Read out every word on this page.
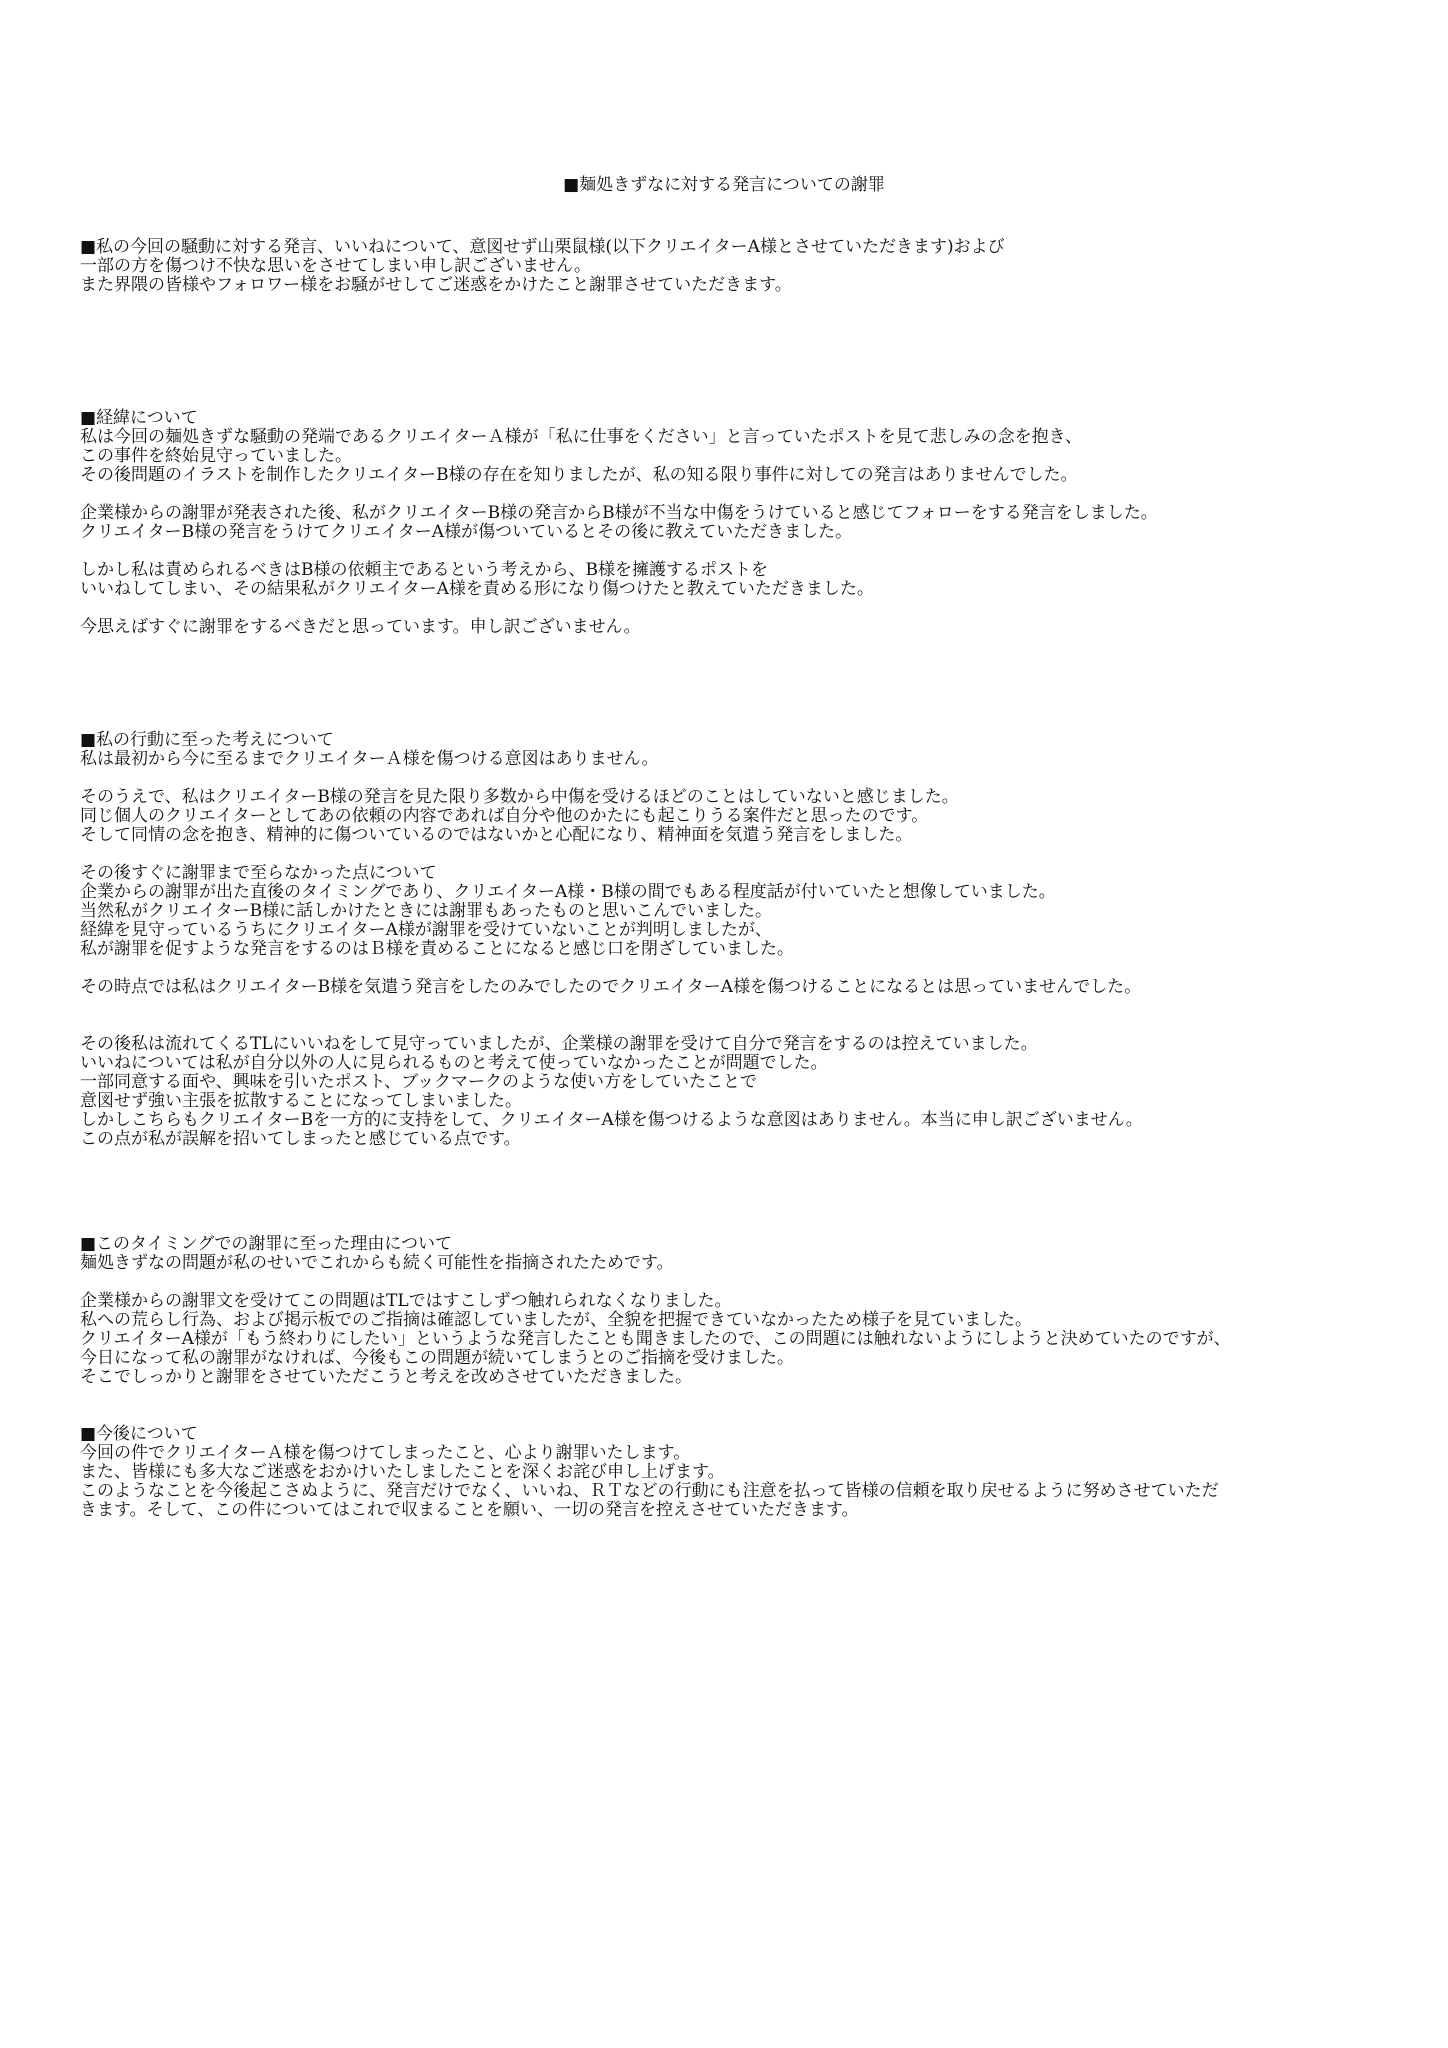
■麺処きずなに対する発言についての謝罪
■私の今回の騒動に対する発言、いいねについて、意図せず山栗鼠様(以下クリエイターA様とさせていただきます)および
一部の方を傷つけ不快な思いをさせてしまい申し訳ございません。
また界隈の皆様やフォロワー様をお騒がせしてご迷惑をかけたこと謝罪させていただきます。
■経緯について
私は今回の麺処きずな騒動の発端であるクリエイターＡ様が「私に仕事をください」と言っていたポストを見て悲しみの念を抱き、
この事件を終始見守っていました。
その後問題のイラストを制作したクリエイターB様の存在を知りましたが、私の知る限り事件に対しての発言はありませんでした。
企業様からの謝罪が発表された後、私がクリエイターB様の発言からB様が不当な中傷をうけていると感じてフォローをする発言をしました。
クリエイターB様の発言をうけてクリエイターA様が傷ついているとその後に教えていただきました。
しかし私は責められるべきはB様の依頼主であるという考えから、B様を擁護するポストを
いいねしてしまい、その結果私がクリエイターA様を責める形になり傷つけたと教えていただきました。
今思えばすぐに謝罪をするべきだと思っています。申し訳ございません。
■私の行動に至った考えについて
私は最初から今に至るまでクリエイターＡ様を傷つける意図はありません。
そのうえで、私はクリエイターB様の発言を見た限り多数から中傷を受けるほどのことはしていないと感じました。
同じ個人のクリエイターとしてあの依頼の内容であれば自分や他のかたにも起こりうる案件だと思ったのです。
そして同情の念を抱き、精神的に傷ついているのではないかと心配になり、精神面を気遣う発言をしました。
その後すぐに謝罪まで至らなかった点について
企業からの謝罪が出た直後のタイミングであり、クリエイターA様・B様の間でもある程度話が付いていたと想像していました。
当然私がクリエイターB様に話しかけたときには謝罪もあったものと思いこんでいました。
経緯を見守っているうちにクリエイターA様が謝罪を受けていないことが判明しましたが、
私が謝罪を促すような発言をするのはＢ様を責めることになると感じ口を閉ざしていました。
その時点では私はクリエイターB様を気遣う発言をしたのみでしたのでクリエイターA様を傷つけることになるとは思っていませんでした。
その後私は流れてくるTLにいいねをして見守っていましたが、企業様の謝罪を受けて自分で発言をするのは控えていました。
いいねについては私が自分以外の人に見られるものと考えて使っていなかったことが問題でした。
一部同意する面や、興味を引いたポスト、ブックマークのような使い方をしていたことで
意図せず強い主張を拡散することになってしまいました。
しかしこちらもクリエイターBを一方的に支持をして、クリエイターA様を傷つけるような意図はありません。本当に申し訳ございません。
この点が私が誤解を招いてしまったと感じている点です。
■このタイミングでの謝罪に至った理由について
麺処きずなの問題が私のせいでこれからも続く可能性を指摘されたためです。
企業様からの謝罪文を受けてこの問題はTLではすこしずつ触れられなくなりました。
私への荒らし行為、および掲示板でのご指摘は確認していましたが、全貌を把握できていなかったため様子を見ていました。
クリエイターA様が「もう終わりにしたい」というような発言したことも聞きましたので、この問題には触れないようにしようと決めていたのですが、
今日になって私の謝罪がなければ、今後もこの問題が続いてしまうとのご指摘を受けました。
そこでしっかりと謝罪をさせていただこうと考えを改めさせていただきました。
■今後について
今回の件でクリエイターＡ様を傷つけてしまったこと、心より謝罪いたします。
また、皆様にも多大なご迷惑をおかけいたしましたことを深くお詫び申し上げます。
このようなことを今後起こさぬように、発言だけでなく、いいね、ＲＴなどの行動にも注意を払って皆様の信頼を取り戻せるように努めさせていただ
きます。そして、この件についてはこれで収まることを願い、一切の発言を控えさせていただきます。
